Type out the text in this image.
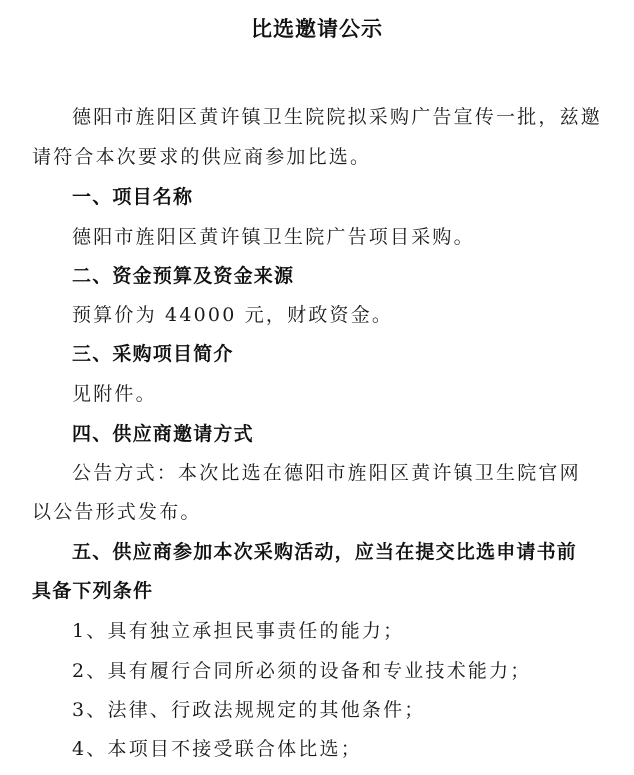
比选邀请公示
德阳市旌阳区黄许镇卫生院院拟采购广告宣传一批，兹邀
请符合本次要求的供应商参加比选。
一、项目名称
德阳市旌阳区黄许镇卫生院广告项目采购。
二、资金预算及资金来源
预算价为 44000 元，财政资金。
三、采购项目简介
见附件。
四、供应商邀请方式
公告方式：本次比选在德阳市旌阳区黄许镇卫生院官网
以公告形式发布。
五、供应商参加本次采购活动，应当在提交比选申请书前
具备下列条件
1、具有独立承担民事责任的能力；
2、具有履行合同所必须的设备和专业技术能力；
3、法律、行政法规规定的其他条件；
4、本项目不接受联合体比选；
